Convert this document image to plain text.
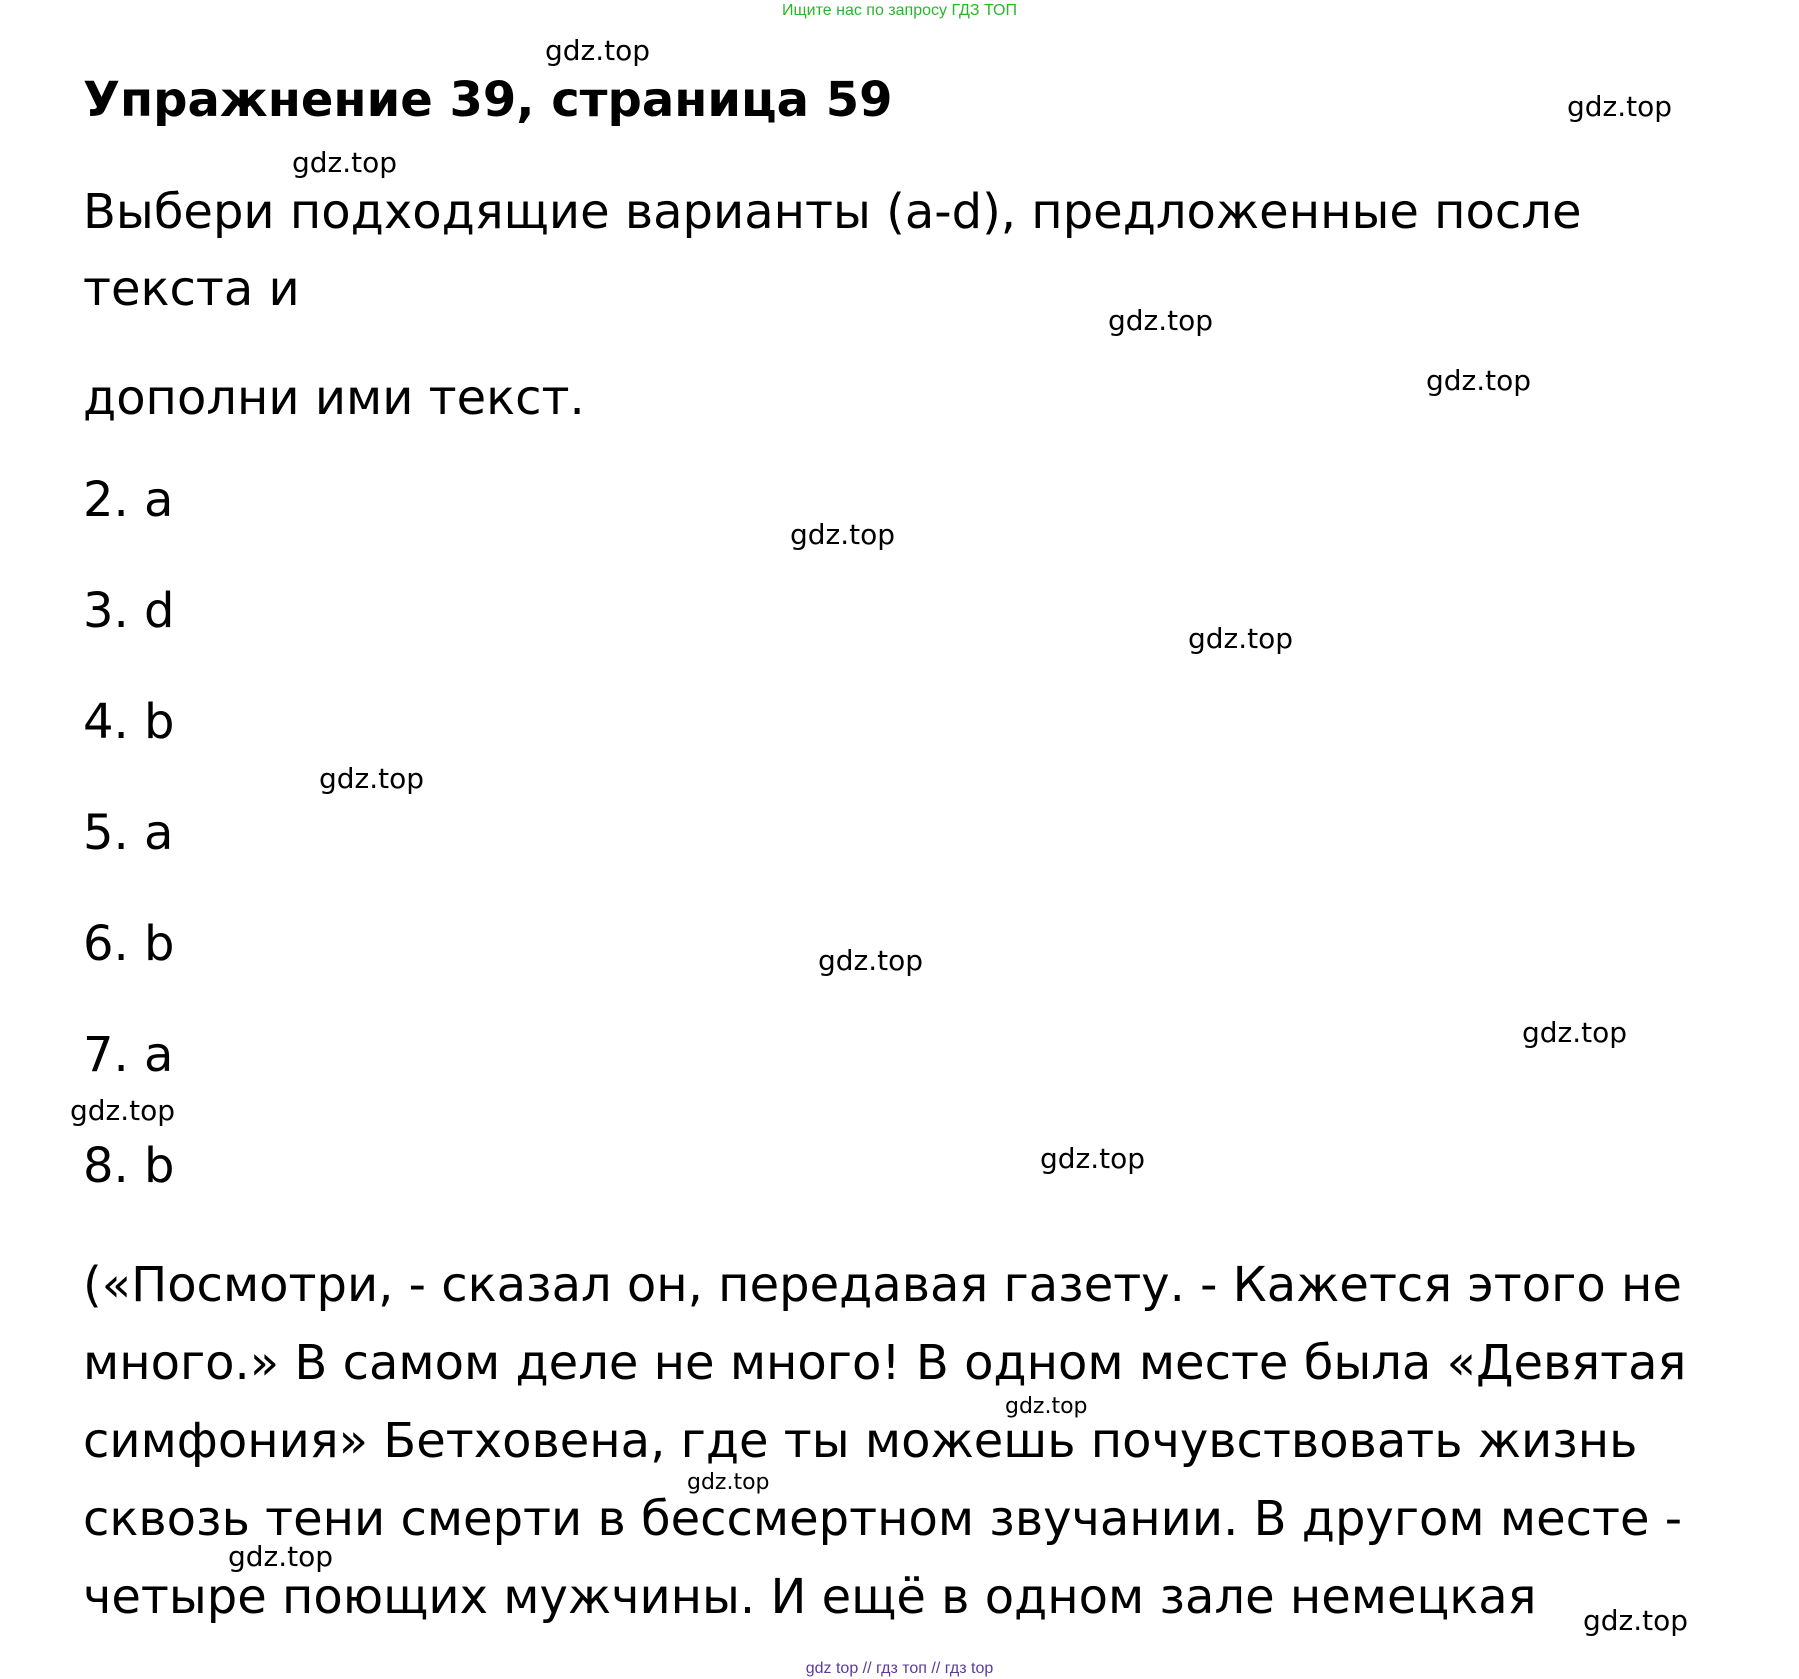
Ищите нас по запросу ГДЗ ТОП
Упражнение 39, страница 59

Выбери подходящие варианты (a-d), предложенные после текста и

дополни ими текст.

2. a
3. d
4. b
5. a
6. b
7. a
8. b

(«Посмотри, - сказал он, передавая газету. - Кажется этого не много.» В самом деле не много! В одном месте была «Девятая симфония» Бетховена, где ты можешь почувствовать жизнь сквозь тени смерти в бессмертном звучании. В другом месте - четыре поющих мужчины. И ещё в одном зале немецкая

gdz.top
gdz.top
gdz.top
gdz.top
gdz.top
gdz.top
gdz.top
gdz.top
gdz.top
gdz.top
gdz.top
gdz.top
gdz.top
gdz.top
gdz.top
gdz.top
gdz top // гдз топ // гдз top
